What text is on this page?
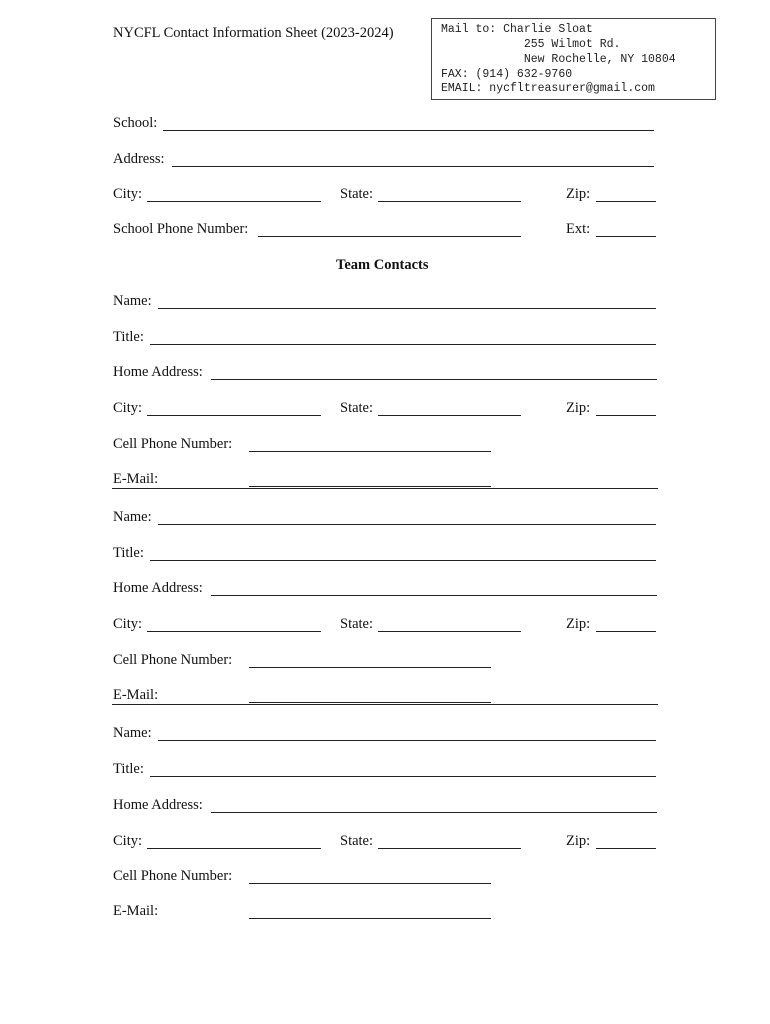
NYCFL Contact Information Sheet (2023-2024)	Mail to: Charlie Sloat
255 Wilmot Rd.
New Rochelle, NY 10804
FAX: (914) 632-9760
EMAIL: nycfltreasurer@gmail.com
School:
Address:
City:	State:	Zip:
School Phone Number:	Ext:
Team Contacts
Name:
Title:
Home Address:
City:	State:	Zip:
Cell Phone Number:
E-Mail:
Name:
Title:
Home Address:
City:	State:	Zip:
Cell Phone Number:
E-Mail:
Name:
Title:
Home Address:
City:	State:	Zip:
Cell Phone Number:
E-Mail:
